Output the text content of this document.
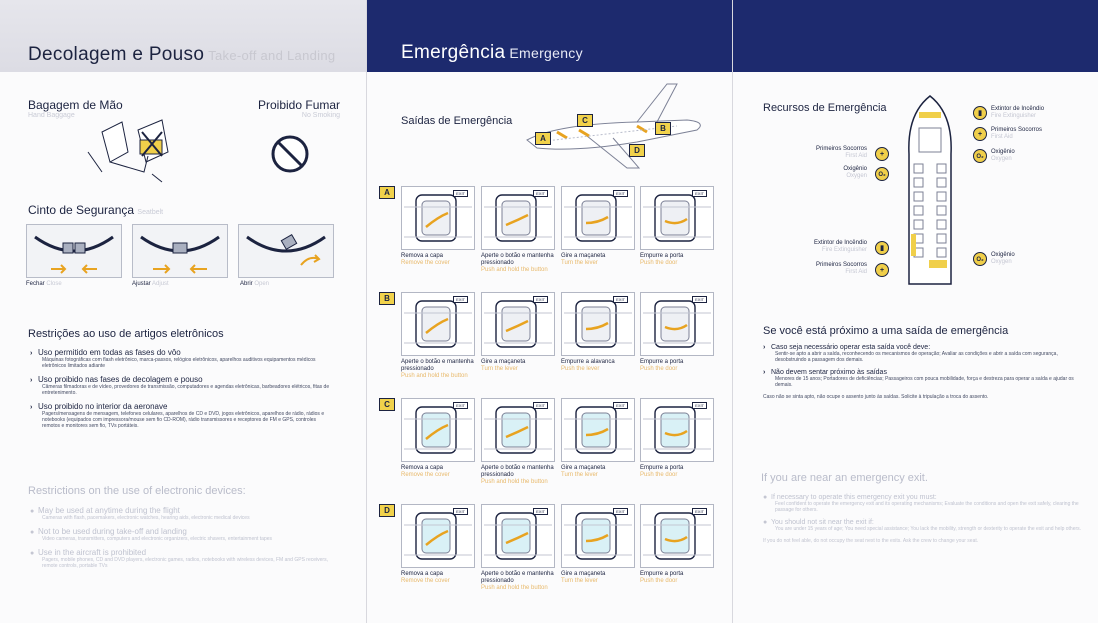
Decolagem e Pouso Take-off and Landing
Bagagem de Mão
Hand Baggage
Proibido Fumar
No Smoking
Cinto de Segurança Seatbelt
Fechar Close	Ajustar Adjust	Abrir Open
Restrições ao uso de artigos eletrônicos
› Uso permitido em todas as fases do vôo
Máquinas fotográficas com flash eletrônico, marca-passos, relógios eletrônicos, aparelhos auditivos equipamentos médicos eletrônicos limitados adiante
› Uso proibido nas fases de decolagem e pouso
Câmeras filmadoras e de vídeo, provedores de transmissão, computadores e agendas eletrônicas, barbeadores elétricos, fitas de entretenimento.
› Uso proibido no interior da aeronave
Pagers/mensagens de mensagem, telefones celulares, aparelhos de CD e DVD, jogos eletrônicos, aparelhos de rádio, rádios e notebooks (equipados com impressora/mouse sem fio CD-ROM), rádio transmissores e receptores de FM e GPS, controles remotos e monitores sem fio, TVs portáteis.
Restrictions on the use of electronic devices:
● May be used at anytime during the flight
Cameras with flash, pacemakers, electronic watches, hearing aids, electronic medical devices
● Not to be used during take-off and landing
Video cameras, transmitters, computers and electronic organizers, electric shavers, entertainment tapes
● Use in the aircraft is prohibited
Pagers, mobile phones, CD and DVD players, electronic games, radios, notebooks with wireless devices, FM and GPS receivers, remote controls, portable TVs
Emergência Emergency
Saídas de Emergência
A
B
C
D
A	EXIT
Remova a capa
Remove the cover
EXIT
Aperte o botão e mantenha pressionado
Push and hold the button
EXIT
Gire a maçaneta
Turn the lever
EXIT
Empurre a porta
Push the door
B	EXIT
Aperte o botão e mantenha pressionado
Push and hold the button
EXIT
Gire a maçaneta
Turn the lever
EXIT
Empurre a alavanca
Push the lever
EXIT
Empurre a porta
Push the door
C	EXIT
Remova a capa
Remove the cover
EXIT
Aperte o botão e mantenha pressionado
Push and hold the button
EXIT
Gire a maçaneta
Turn the lever
EXIT
Empurre a porta
Push the door
D	EXIT
Remova a capa
Remove the cover
EXIT
Aperte o botão e mantenha pressionado
Push and hold the button
EXIT
Gire a maçaneta
Turn the lever
EXIT
Empurre a porta
Push the door
Recursos de Emergência
Primeiros Socorros
First Aid	+
Oxigênio
Oxygen	O₂
Extintor de Incêndio
Fire Extinguisher	▮
Primeiros Socorros
First Aid	+
▮
Extintor de Incêndio
Fire Extinguisher
+
Primeiros Socorros
First Aid
O₂
Oxigênio
Oxygen
O₂
Oxigênio
Oxygen
Se você está próximo a uma saída de emergência
› Caso seja necessário operar esta saída você deve:
Sentir-se apto a abrir a saída, reconhecendo os mecanismos de operação; Avaliar as condições e abrir a saída com segurança, desobstruindo a passagem dos demais.
› Não devem sentar próximo às saídas
Menores de 15 anos; Portadores de deficiências; Passageiros com pouca mobilidade, força e destreza para operar a saída e ajudar os demais.
Caso não se sinta apto, não ocupe o assento junto às saídas. Solicite à tripulação a troca do assento.
If you are near an emergency exit.
● If necessary to operate this emergency exit you must:
Feel confident to operate the emergency exit and its operating mechanisms; Evaluate the conditions and open the exit safely, clearing the passage for others.
● You should not sit near the exit if:
You are under 15 years of age; You need special assistance; You lack the mobility, strength or dexterity to operate the exit and help others.
If you do not feel able, do not occupy the seat next to the exits. Ask the crew to change your seat.
